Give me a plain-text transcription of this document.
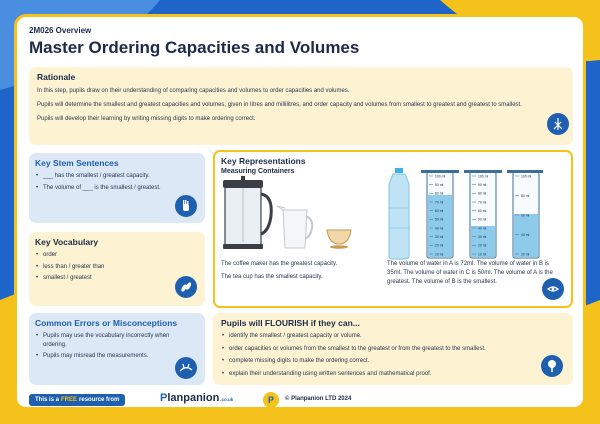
2M026 Overview
Master Ordering Capacities and Volumes
Rationale
In this step, pupils draw on their understanding of comparing capacities and volumes to order capacities and volumes.
Pupils will determine the smallest and greatest capacities and volumes, given in litres and millilitres, and order capacity and volumes from smallest to greatest and greatest to smallest.
Pupils will develop their learning by writing missing digits to make ordering correct.
Key Stem Sentences
• ___ has the smallest / greatest capacity.
• The volume of ___ is the smallest / greatest.
Key Vocabulary
• order
• less than / greater than
• smallest / greatest
Common Errors or Misconceptions
• Pupils may use the vocabulary incorrectly when ordering.
• Pupils may misread the measurements.
Key Representations
Measuring Containers
The coffee maker has the greatest capacity.
The tea cup has the smallest capacity.
100 ml
90 ml
80 ml
70 ml
60 ml
50 ml
40 ml
30 ml
20 ml
10 ml
100 ml
90 ml
80 ml
70 ml
60 ml
50 ml
40 ml
30 ml
20 ml
10 ml
100 ml
80 ml
60 ml
40 ml
20 ml
The volume of water in A is 72ml. The volume of water in B is 35ml. The volume of water in C is 50ml. The volume of A is the greatest. The volume of B is the smallest.
Pupils will FLOURISH if they can...
• identify the smallest / greatest capacity or volume.
• order capacities or volumes from the smallest to the greatest or from the greatest to the smallest.
• complete missing digits to make the ordering correct.
• explain their understanding using written sentences and mathematical proof.
This is a FREE resource from	P lanpanion .co.uk	P	© Planpanion LTD 2024
